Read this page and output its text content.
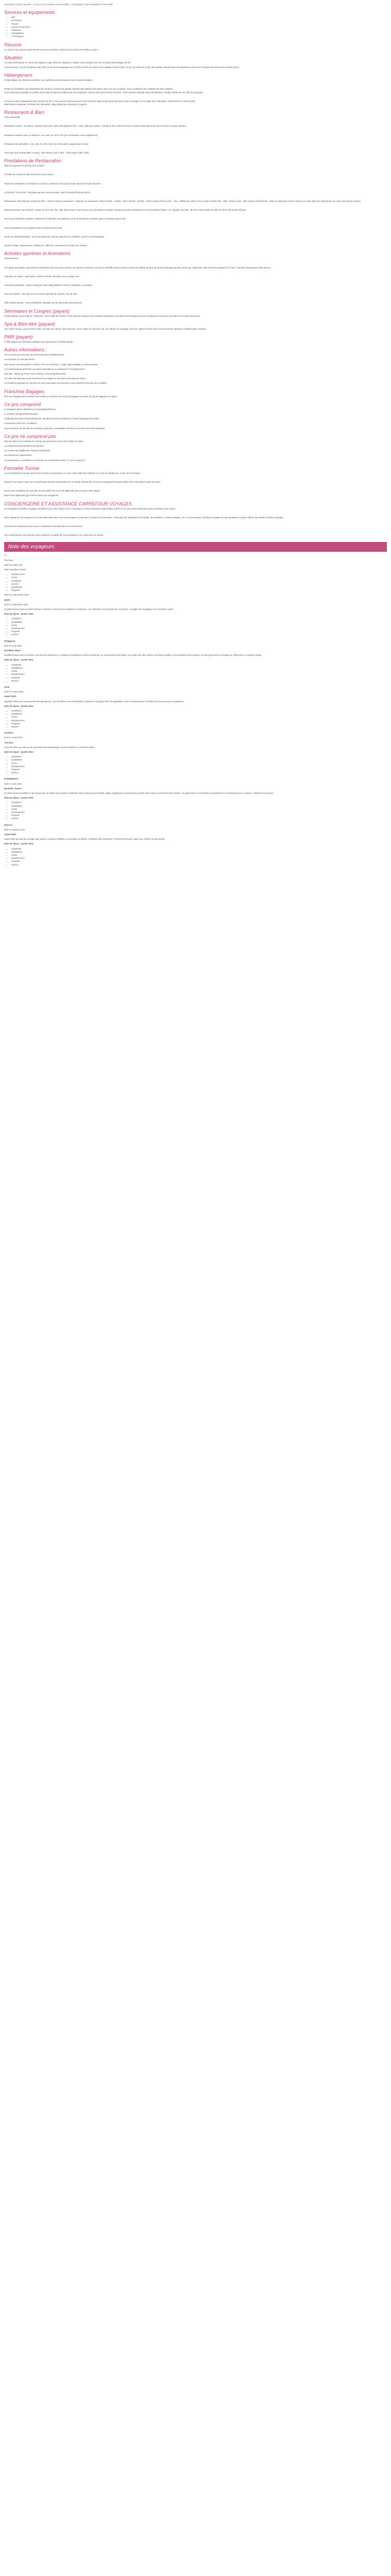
Description Cirque composé - Ce prix et les composé aux formalités - Conciergerie Logis Hospitaliers: Paris Vielle
Services et équipements
• Wifi
• Restaurant
• Piscine
• Centre de bien-être
• Télévision
• Climatisation
• Conciergerie
Résumé

Un séjour tout compris quatre étoiles aux pies de Djerba ! Optez pour le Vincci Dar Midoun & Spa !

Situation

Au sud-est de Djerba, le Vincci Dar Midoun & Spa, hôtel de catégorie 4 étoiles, est en bordure de l'une des plus belles plages de l'île.

Il est à environ -2,5 km du Djerba Golf Club, 19 km de la synagogue de la Ghriba, 24 km du centre de la capitale, Houmt Souk, 22 km du centre de la ville de Guellala, réputée pour ses poteries et 25 km de l'Aéroport International de Djerba-Zarzis.

Hébergement

L'hôtel dispose de chambres doubles, de chambres communicantes et de 6 suites familiales.

Toutes les chambres sont climatisées (de 15.06 au 15.09) et la grande majorité sont dotées d'un balcon avec vue mer ou jardin. Vous y profiterez d'un mobilier de style moderne.
Il est notamment possible de profiter d'une salle de bains ou salle d'eau avec baignoire, douche ainsi qu'un sèche-cheveux. Votre chambre dispose aussi de télévision, minibar, téléphone et coffre-fort (payant).

Les deux suites Ambassador d'une surface de 80 m² sont quant à elles pourvues d'une seconde salle de bain ainsi que d'une suite à manger et d'un salon avec télévision, chaîne stéréo et lecteur DVD.
Blanchisserie (payante), fer/table (sur demande), baby-sitting (sur demande et payant).

Restaurants & Bars

Trois restaurants

Restaurant central : en buffets, chaud et froid, pour votre petit déjeuner (07h - 10h), déjeuner (12h30 - 14h30) et dîner (18h 30 à 21h en saison hivernale et de 19h à 21h30 en saison estivale).

Restaurant tunisien avec un déjeuner, à la carte, de 12h à 22h (sur réservation, sans supplément).

Restaurant de spécialités : à la carte, de 19h à 22h (sur réservation, payant selon choix).

Trois bars: Bar Central (09h à minuit) - Bar Piscine (10h à 18h) - Café maure (15h à 23h).

Prestations de Restauration

Séjours proposés en formule tout compris

Prestations comprises dans la formule tout compris :

Toutes les prestations ou boissons non citées ci-dessous n'est pas incluses dans la formule réservée.

La formule "Tout inclus" n'implique pas que tout est gratuit, seul le descriptif suivant fait foi.

Restaurants: Petit déjeuner américain (07h - 10h) du matin en restaurant - Déjeuner au restaurant central (12h30 - 14h30) - Dîner (18h30 - 21h30) - Snack au Bar Piscine (10h - 17h) - Pâtisseries (16h à 17h) au Bar Central (16h - 18h) - Glaces (14h - 18h). Repas tardif (21h30 - 23h) au restaurant central. Menus à la carte dans les restaurants à la carte (une fois par séjour).

Boissons locales: eau minérale, sodas, jus de fruits, thé, café, bière locale et vin local au verre (pendant les repas). Boissons locales alcoolisées et non alcoolisées (bières, vin, apéritifs, alcools) : de 10h à 23h au Bar Central, de 10h à 18h au Bar Piscine.

Non inclus: Boissons importées, boissons en bouteille, eau gazeuse, jus de fruits frais et cocktails, glace et boissons après 23h.

Autres prestations non comprises dans la formule tout inclus.

Centre de thalassothérapie : accès au hammam, piscine d'eau de mer chauffée, jacuzzi et soins payants.

Service d'étage, blanchisserie, téléphone, coffre-fort, excursions et location de voitures.

Activités sportives et Animations

Infrastructures

Une plage aménagée, trois piscines extérieures dont une pour enfants, une piscine intérieure couverte et chauffée (selon saison), terrain de football, terrains de tennis (éclairage payant), pétanque, volley-ball, salle de fitness (payant), tir à l'arc, mini-golf, ping-pong et salle de jeux.

Animation en soirée : spectacles, soirées à thème, karaoké, jeux, musique live.

Animations payantes : sports nautiques (selon disponibilité et météo), équitation, excursions.

Pour les enfants : mini-club 4-12 ans (selon période de l'année), aire de jeux.

Club enfants payant : cours d'équitation, plongée, jet ski, parachute ascensionnel.

Séminaires et Congrès (payant)

L'hôtel dispose d'une salle de conférence, d'une salle de réunion, d'une salle de banquet et de matériel audiovisuel. Les salles sont équipées de l'air conditionné et peuvent accueillir de 15 à 300 personnes.

Spa & Bien-être (payant)

Son centre de spa, ouvert de 9h à 19h, est doté d'un sauna, d'un hammam, d'une cabine de douche à jet, de cabines de massage, de deux cabines de bien-être et d'une piscine intérieure chauffée (selon saison).

PMR (payant)

L'hôtel dispose de chambres adaptées aux personnes à mobilité réduite.

Autres informations :

Les non-fumeurs sont tous les bienvenus dans l'établissement.

Les animaux ne sont pas admis.

Une caution est demandée à l'arrivée. Pour les chambres : crédit, argent liquide ou carte bancaire.

Les clients doivent présenter une pièce d'identité ou un passeport à l'enregistrement.

Exemple : départ de Paris Orly ou Roissy, vol vers Djerba-Zarzis.

Les vols internationaux pour la formule tout compris ne sont pas inclus dans le séjour.

Les horaires proposés au moment de votre réservation sont donnés à titre indicatif et peuvent être modifiés.

Franchise Bagages:

Tous vos bagages sans mention sur le billet au minimum de 23 kg de bagages en soute et 8 kg de bagages en cabine.

Ce prix comprend

Le transport aérien Aller/Retour France/Djerba/France.

Le transfert aéroport/hôtel/aéroport.

L'hébergement dans l'hôtel sélectionné, pendant la durée mentionnée et selon l'arrangement choisi.

L'assurance (selon les conditions).

Taxes aéroport, de sécurité et surcharge carburant, susceptibles d'évoluer en fonction des tarifs pratiqués.

Ce prix ne comprend pas

Taxe de séjour d'un montant de 3 dinars par personne et par nuit à régler sur place.

Les dépenses personnelles et pourboires.

Le montant du supplément chambre individuelle.

Les assurances optionnelles.

Les prestations ou activités et excursions non mentionnées dans "Ce prix comprend".

Formalité Tunisie

Les ressortissants français doivent être munis d'un passeport ou d'une carte nationale d'identité en cours de validité pour entrer sur le territoire.

Depuis le 1er janvier 2023, les ressortissants français à destination de la Tunisie doivent être munis d'un passeport français valide trois mois après la date de retour.

Nous vous conseillons de consulter les formalités sur le site de diplomatie.gouv.fr avant votre départ.

https://www.diplomatie.gouv.fr/fr/conseils-aux-voyageurs/

CONCIERGERIE ET ASSISTANCE CARREFOUR VOYAGES

En choisissant Carrefour Voyages, bénéficiez pour votre séjour d'une conciergerie et d'une assistance disponibles 24h/24 et 7j/7 pour toute demande avant et pendant votre séjour.

Notre équipe de conciergerie est à votre disposition pour vous accompagner et répondre à toutes vos demandes : réservation de restaurants, d'activités, de transferts, conseils pratiques, etc. La Conciergerie Carrefour Voyages est une prestation exclusive offerte aux clients Carrefour Voyages.

Vos avis sont importants pour nous et contribuent à l'amélioration de nos services.

Vos commentaires sont précieux pour améliorer la qualité de nos prestations et le confort de nos clients.

Note des voyageurs

4.1

Très bien

Noté sur 2064 Avis

2025 Travellers Choice

• Emplacement
• Literie
• Chambres
• Service
• Qualité/prix
• Propreté

Noté le: 5 décembre 2021

plush

Écrit le 4 décembre 2021

Excellent séjour dans un hôtel très bien entretenu. Personnel accueillant et chaleureux. Les chambres sont spacieuses et propres. La plage est magnifique et la nourriture variée.

Date du séjour : janvier 2021

• Chambres
• Qualité/prix
• Literie
• Emplacement
• Propreté
• Service

Philippe M

Écrit le 4 juin 2021

Excellent séjour

Excellent séjour dans cet hôtel. L'accueil est chaleureux. La plage est magnifique et bien entretenue. Le personnel est serviable. Les repas sont très variés et de bonne qualité. Les animations sont sympas. Un très grand merci à l'équipe de l'hôtel pour ce superbe séjour.

Date du séjour : janvier 2021

• Chambres
• Qualité/prix
• Literie
• Emplacement
• Propreté
• Service

Xaud

Écrit le 4 mars 2021

Super hôtel

Superbe hôtel avec un personnel très attentionné. Les chambres sont confortables, la piscine et la plage sont très agréables. Nous recommandons cet hôtel pour des vacances reposantes.

Date du séjour : janvier 2021

• Chambres
• Qualité/prix
• Literie
• Emplacement
• Propreté
• Service

Aurélie G

Écrit le 4 avril 2021

Très bon

Très bon hôtel, accueil au top, personnel très sympathique, bonne ambiance, nourriture variée.

Date du séjour : janvier 2021

• Chambres
• Qualité/prix
• Literie
• Emplacement
• Propreté
• Service

EAD42Marion

Écrit le 4 juin 2021

Rachelet, France

Un hôtel recommandable en tout point pour un séjour tout compris. Hôtel bien situé, beaucoup d'activités, plage magnifique et personnel aux petits soins. Nous reviendrons sans hésiter. Un grand merci à l'ensemble du personnel et à la direction pour ce séjour. L'hôtel est très propre.

Date du séjour : janvier 2021

• Chambres
• Qualité/prix
• Literie
• Emplacement
• Propreté
• Service

Pierre P

Écrit le 4 janvier 2021

Super hôtel

Super hôtel au bord de la plage avec piscine couverte chauffée et nourriture excellente. Chambre bien entretenue. Personnel très poli. Super spa. Hôtel à recommander.

Date du séjour : janvier 2021

• Chambres
• Qualité/prix
• Literie
• Emplacement
• Propreté
• Service
